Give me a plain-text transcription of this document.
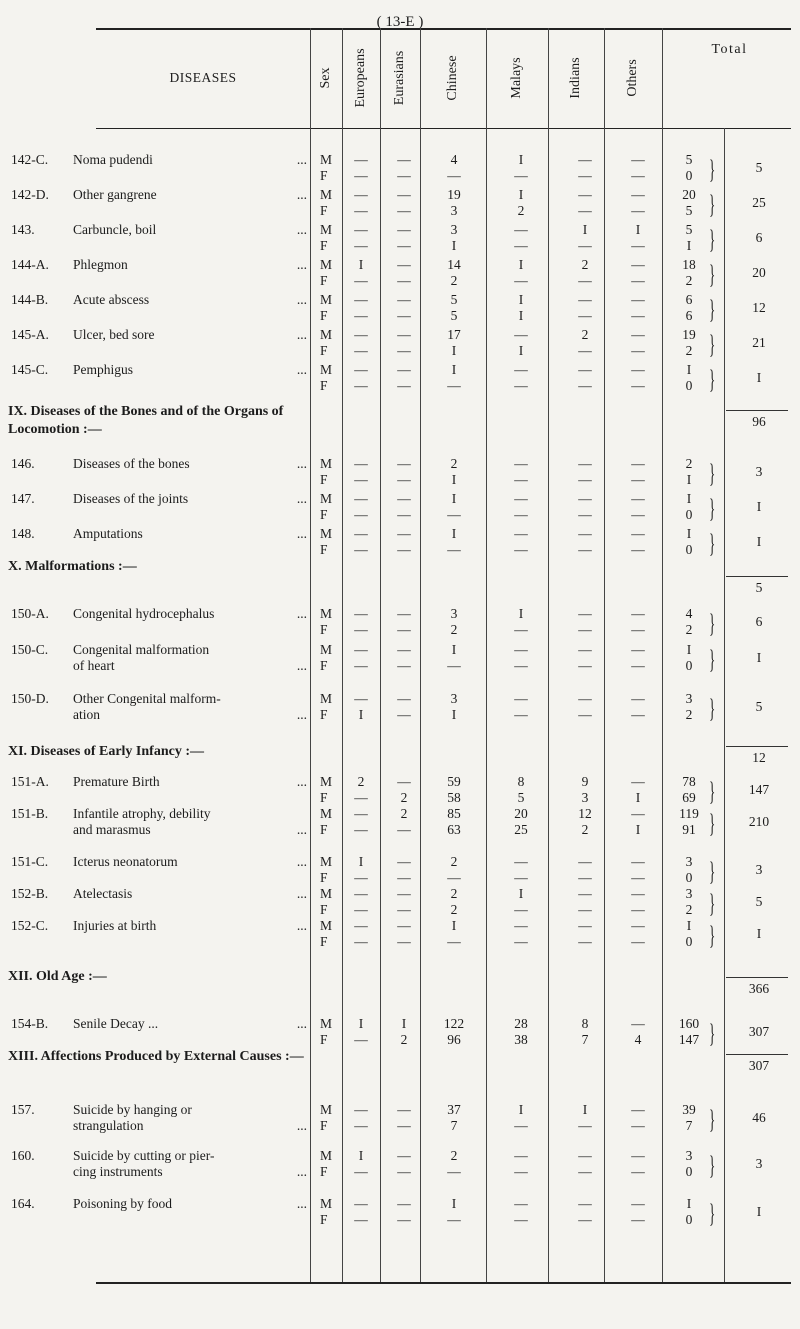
( 13-E )
DISEASES	Sex Europeans Eurasians	Chinese	Malays	Indians	Others
Total
142-C. Noma pudendi	... M	—	—	4	I	—	—	5
F	—	—	—	—	—	—	0 }	5
142-D. Other gangrene	... M	—	—	19	I	—	—	20
F	—	—	3	2	—	—	5 }	25
143.	Carbuncle, boil	... M	—	—	3	—	I	I	5
F	—	—	I	—	—	—	I }	6
144-A. Phlegmon	... M	I	—	14	I	2	—	18
F	—	—	2	—	—	—	2 }	20
144-B. Acute abscess	... M	—	—	5	I	—	—	6
F	—	—	5	I	—	—	6 }	12
145-A. Ulcer, bed sore	... M	—	—	17	—	2	—	19
F	—	—	I	I	—	—	2 }	21
145-C. Pemphigus	... M	—	—	I	—	—	—	I
F	—	—	—	—	—	—	0 }	I
96
IX. Diseases of the Bones and of the Organs of Locomotion :—
146.	Diseases of the bones	... M	—	—	2	—	—	—	2
F	—	—	I	—	—	—	I }	3
147.	Diseases of the joints	... M	—	—	I	—	—	—	I
F	—	—	—	—	—	—	0 }	I
148.	Amputations	... M	—	—	I	—	—	—	I
F	—	—	—	—	—	—	0 }	I
5
X. Malformations :—
150-A. Congenital hydrocephalus	... M	—	—	3	I	—	—	4
F	—	—	2	—	—	—	2 }	6
150-C. Congenital malformation	M	—	—	I	—	—	—	I
of heart	... F	—	—	—	—	—	—	0 }	I
150-D. Other Congenital malform-	M	—	—	3	—	—	—	3
ation	... F	I	—	I	—	—	—	2 }	5
12
XI. Diseases of Early Infancy :—
151-A. Premature Birth	... M	2	—	59	8	9	—	78
F	—	2	58	5	3	I	69 }	147
151-B. Infantile atrophy, debility	M	—	2	85	20	12	—	119
and marasmus	... F	—	—	63	25	2	I	91 }	210
151-C. Icterus neonatorum	... M	I	—	2	—	—	—	3
F	—	—	—	—	—	—	0 }	3
152-B. Atelectasis	... M	—	—	2	I	—	—	3
F	—	—	2	—	—	—	2 }	5
152-C. Injuries at birth	... M	—	—	I	—	—	—	I
F	—	—	—	—	—	—	0 }	I
366
XII. Old Age :—
154-B. Senile Decay ...	... M	I	I	122	28	8	—	160
F	—	2	96	38	7	4	147 }	307
307
XIII. Affections Produced by External Causes :—
157.	Suicide by hanging or	M	—	—	37	I	I	—	39
strangulation	... F	—	—	7	—	—	—	7 }	46
160.	Suicide by cutting or pier-	M	I	—	2	—	—	—	3
cing instruments	... F	—	—	—	—	—	—	0 }	3
164.	Poisoning by food	... M	—	—	I	—	—	—	I
F	—	—	—	—	—	—	0 }	I
